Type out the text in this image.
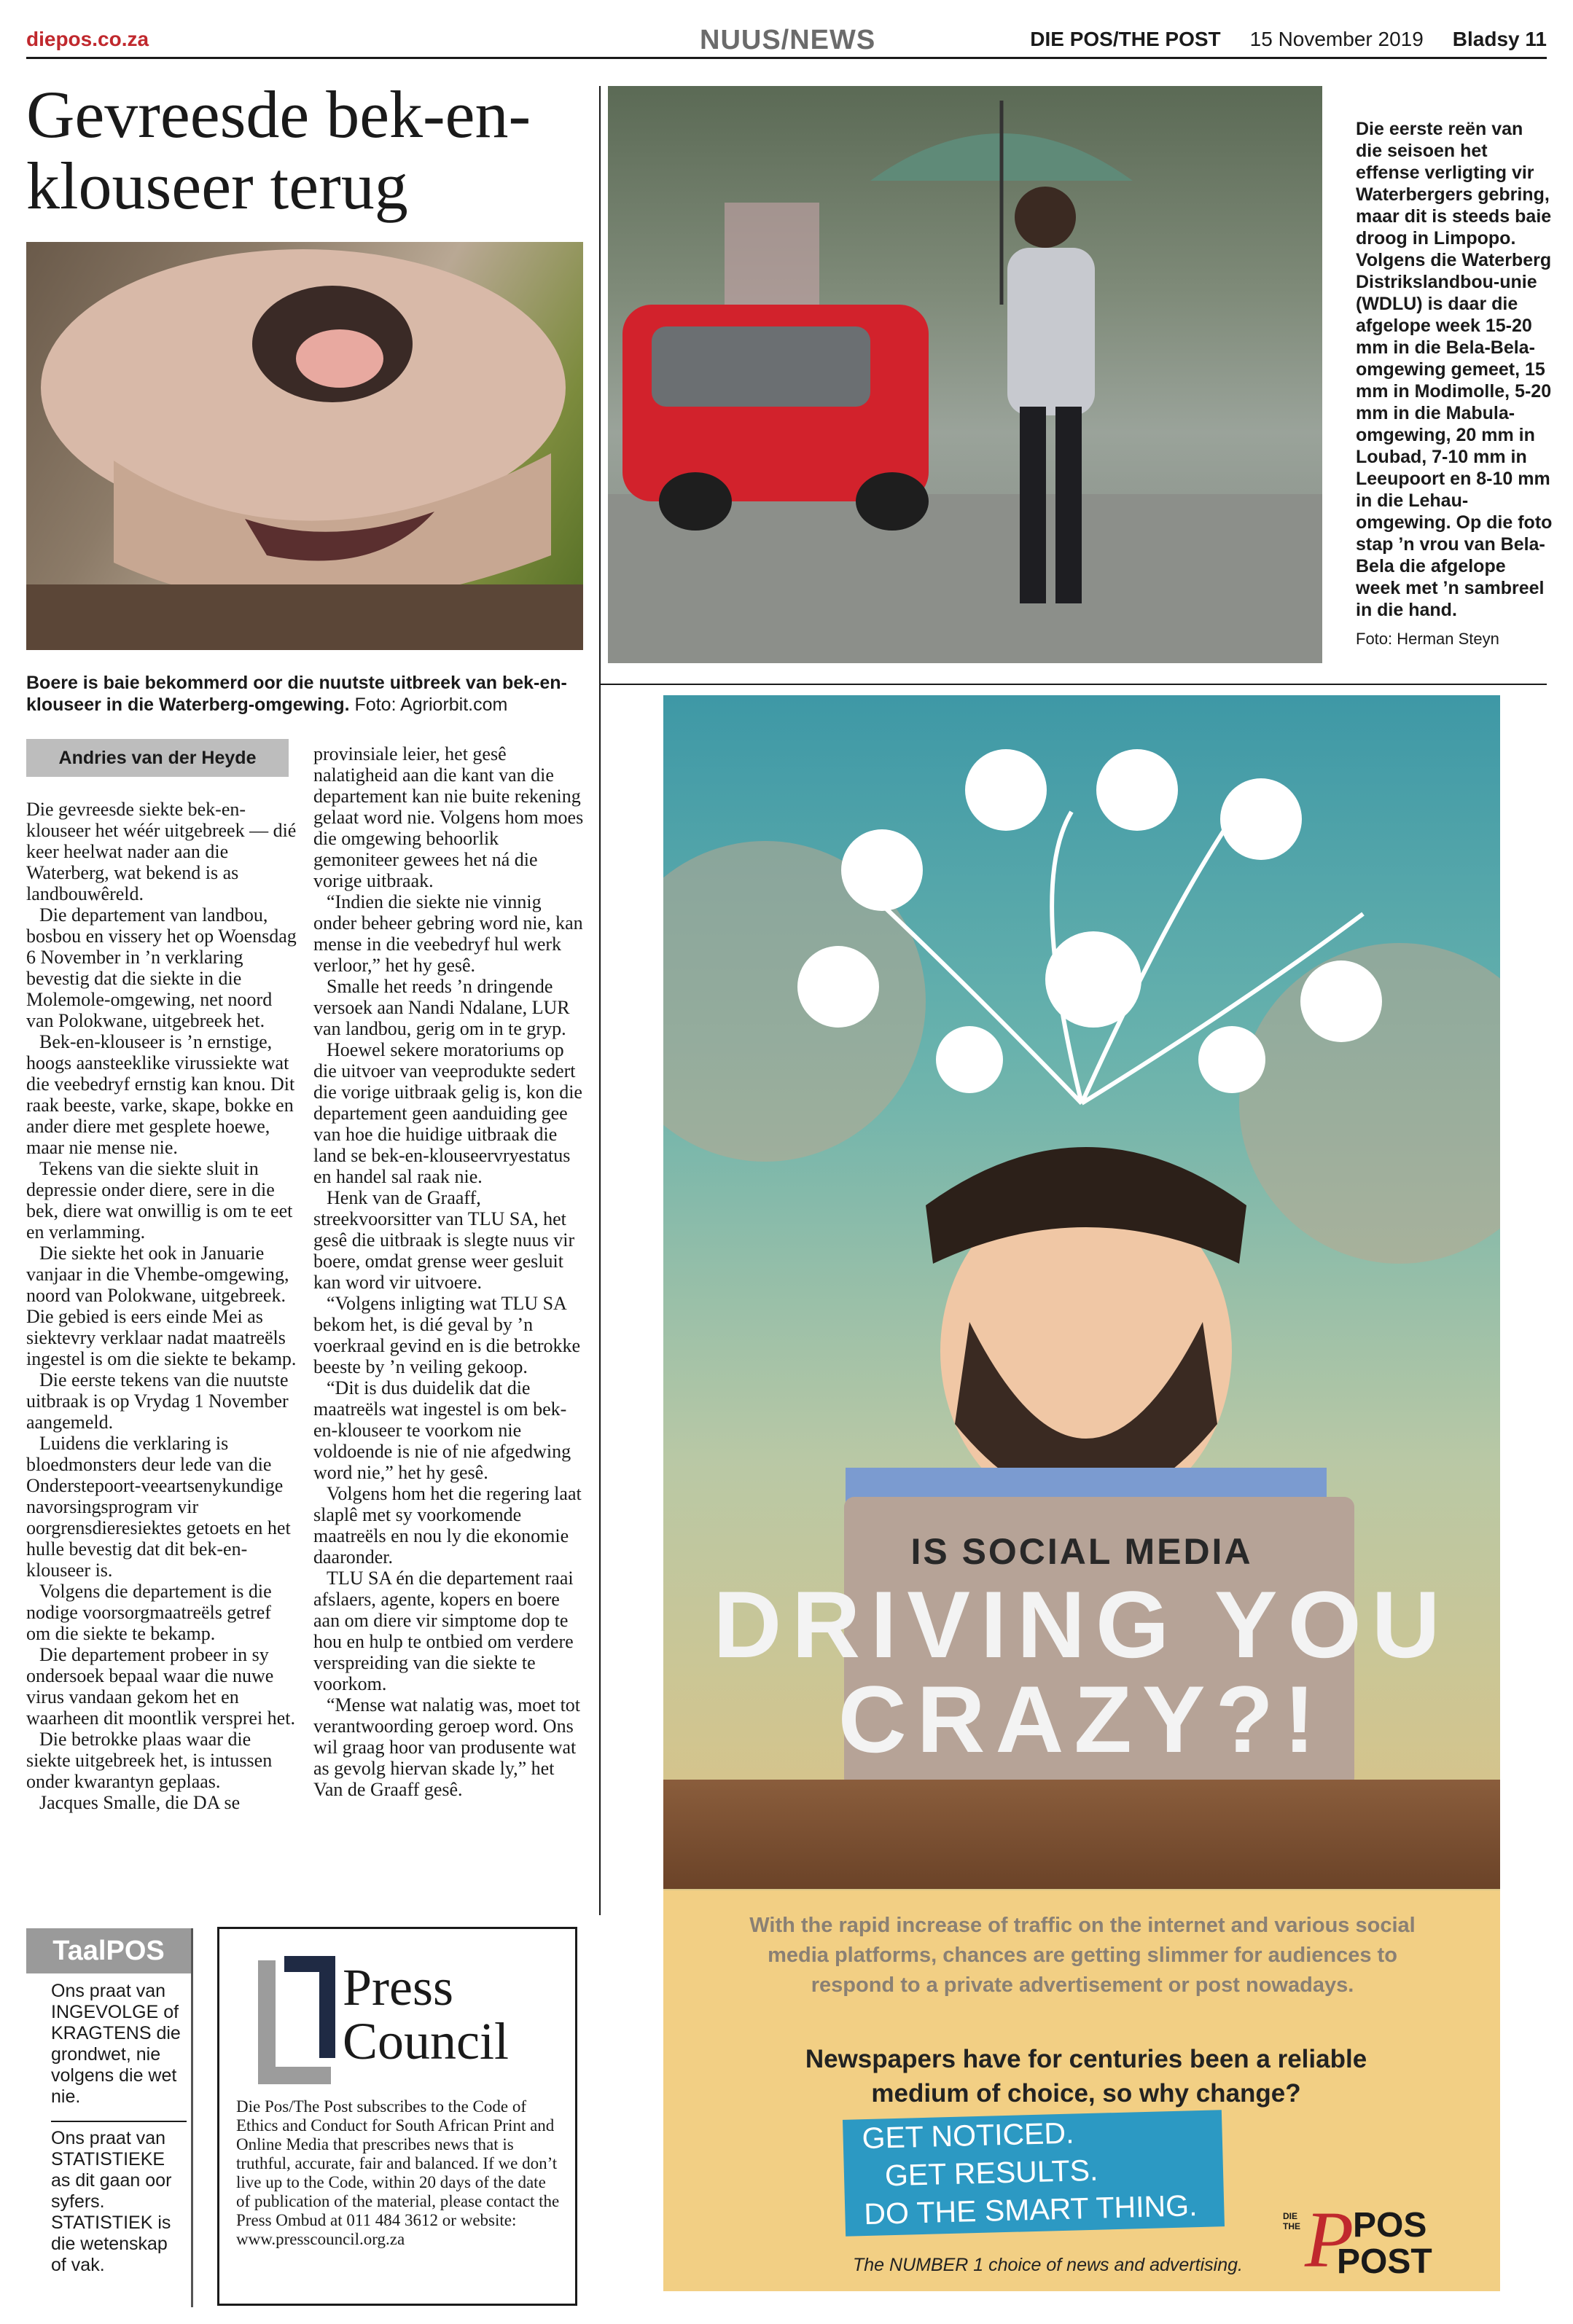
diepos.co.za	NUUS/NEWS	DIE POS/THE POST 15 November 2019 Bladsy 11
Gevreesde bek-en-klouseer terug
Boere is baie bekommerd oor die nuutste uitbreek van bek-en-klouseer in die Waterberg-omgewing. Foto: Agriorbit.com
Die eerste reën van die seisoen het effense verligting vir Waterbergers gebring, maar dit is steeds baie droog in Limpopo. Volgens die Waterberg Distrikslandbou-unie (WDLU) is daar die afgelope week 15-20 mm in die Bela-Bela-omgewing gemeet, 15 mm in Modimolle, 5-20 mm in die Mabula-omgewing, 20 mm in Loubad, 7-10 mm in Leeupoort en 8-10 mm in die Lehau-omgewing. Op die foto stap ’n vrou van Bela-Bela die afgelope week met ’n sambreel in die hand.
Foto: Herman Steyn
Andries van der Heyde

Die gevreesde siekte bek-en-klouseer het wéér uitgebreek — dié keer heelwat nader aan die Waterberg, wat bekend is as landbouwêreld.

Die departement van landbou, bosbou en vissery het op Woensdag 6 November in ’n verklaring bevestig dat die siekte in die Molemole-omgewing, net noord van Polokwane, uitgebreek het.

Bek-en-klouseer is ’n ernstige, hoogs aansteeklike virussiekte wat die veebedryf ernstig kan knou. Dit raak beeste, varke, skape, bokke en ander diere met gesplete hoewe, maar nie mense nie.

Tekens van die siekte sluit in depressie onder diere, sere in die bek, diere wat onwillig is om te eet en verlamming.

Die siekte het ook in Januarie vanjaar in die Vhembe-omgewing, noord van Polokwane, uitgebreek. Die gebied is eers einde Mei as siektevry verklaar nadat maatreëls ingestel is om die siekte te bekamp.

Die eerste tekens van die nuutste uitbraak is op Vrydag 1 November aangemeld.

Luidens die verklaring is bloedmonsters deur lede van die Onderstepoort-veeartsenykundige navorsingsprogram vir oorgrensdieresiektes getoets en het hulle bevestig dat dit bek-en-klouseer is.

Volgens die departement is die nodige voorsorgmaatreëls getref om die siekte te bekamp.

Die departement probeer in sy ondersoek bepaal waar die nuwe virus vandaan gekom het en waarheen dit moontlik versprei het.

Die betrokke plaas waar die siekte uitgebreek het, is intussen onder kwarantyn geplaas.

Jacques Smalle, die DA se

provinsiale leier, het gesê nalatigheid aan die kant van die departement kan nie buite rekening gelaat word nie. Volgens hom moes die omgewing behoorlik gemoniteer gewees het ná die vorige uitbraak.

“Indien die siekte nie vinnig onder beheer gebring word nie, kan mense in die veebedryf hul werk verloor,” het hy gesê.

Smalle het reeds ’n dringende versoek aan Nandi Ndalane, LUR van landbou, gerig om in te gryp.

Hoewel sekere moratoriums op die uitvoer van veeprodukte sedert die vorige uitbraak gelig is, kon die departement geen aanduiding gee van hoe die huidige uitbraak die land se bek-en-klouseervryestatus en handel sal raak nie.

Henk van de Graaff, streekvoorsitter van TLU SA, het gesê die uitbraak is slegte nuus vir boere, omdat grense weer gesluit kan word vir uitvoere.

“Volgens inligting wat TLU SA bekom het, is dié geval by ’n voerkraal gevind en is die betrokke beeste by ’n veiling gekoop.

“Dit is dus duidelik dat die maatreëls wat ingestel is om bek-en-klouseer te voorkom nie voldoende is nie of nie afgedwing word nie,” het hy gesê.

Volgens hom het die regering laat slaplê met sy voorkomende maatreëls en nou ly die ekonomie daaronder.

TLU SA én die departement raai afslaers, agente, kopers en boere aan om diere vir simptome dop te hou en hulp te ontbied om verdere verspreiding van die siekte te voorkom.

“Mense wat nalatig was, moet tot verantwoording geroep word. Ons wil graag hoor van produsente wat as gevolg hiervan skade ly,” het Van de Graaff gesê.

TaalPOS
Ons praat van INGEVOLGE of KRAGTENS die grondwet, nie volgens die wet nie.
Ons praat van STATISTIEKE as dit gaan oor syfers. STATISTIEK is die wetenskap of vak.
Press
Council
Die Pos/The Post subscribes to the Code of Ethics and Conduct for South African Print and Online Media that prescribes news that is truthful, accurate, fair and balanced. If we don’t live up to the Code, within 20 days of the date of publication of the material, please contact the Press Ombud at 011 484 3612 or website: www.presscouncil.org.za
IS SOCIAL MEDIA
DRIVING YOU
CRAZY?!
With the rapid increase of traffic on the internet and various social media platforms, chances are getting slimmer for audiences to respond to a private advertisement or post nowadays.
Newspapers have for centuries been a reliable medium of choice, so why change?
GET NOTICED.
GET RESULTS.
DO THE SMART THING.
The NUMBER 1 choice of news and advertising.
DIE THE P
POS
POST
